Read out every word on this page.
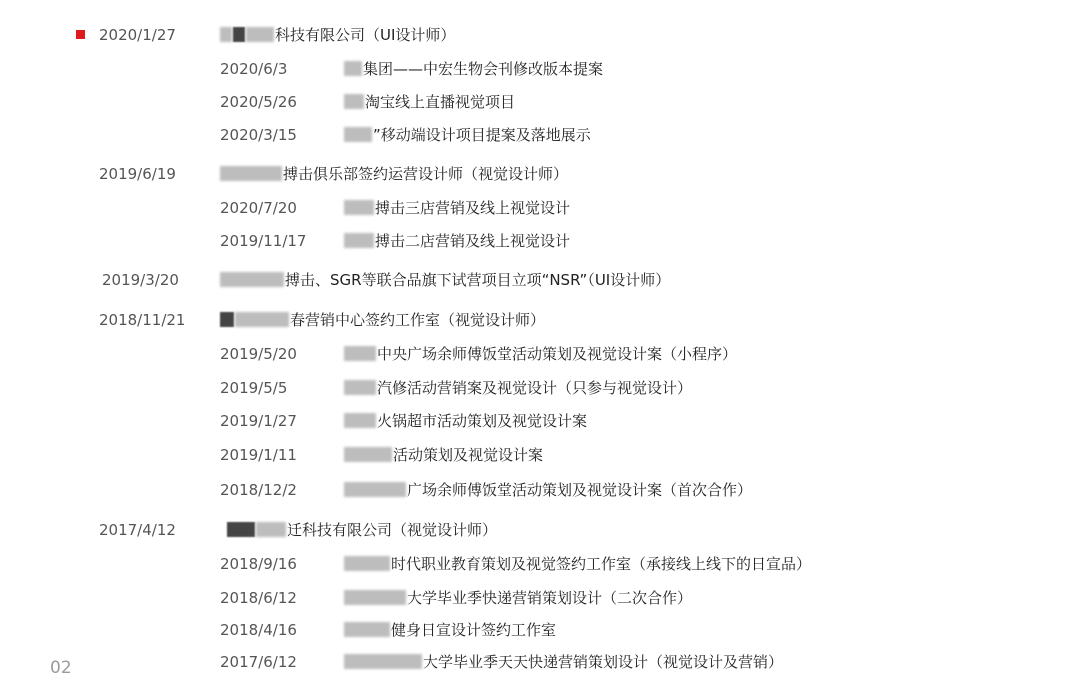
2020/1/27	科技有限公司（UI设计师）
2020/6/3	集团——中宏生物会刊修改版本提案
2020/5/26	淘宝线上直播视觉项目
2020/3/15	”移动端设计项目提案及落地展示
2019/6/19	搏击俱乐部签约运营设计师（视觉设计师）
2020/7/20	搏击三店营销及线上视觉设计
2019/11/17	搏击二店营销及线上视觉设计
2019/3/20	搏击、SGR等联合品旗下试营项目立项“NSR”（UI设计师）
2018/11/21	春营销中心签约工作室（视觉设计师）
2019/5/20	中央广场余师傅饭堂活动策划及视觉设计案（小程序）
2019/5/5	汽修活动营销案及视觉设计（只参与视觉设计）
2019/1/27	火锅超市活动策划及视觉设计案
2019/1/11	活动策划及视觉设计案
2018/12/2	广场余师傅饭堂活动策划及视觉设计案（首次合作）
2017/4/12	迁科技有限公司（视觉设计师）
2018/9/16	时代职业教育策划及视觉签约工作室（承接线上线下的日宣品）
2018/6/12	大学毕业季快递营销策划设计（二次合作）
2018/4/16	健身日宣设计签约工作室
2017/6/12	大学毕业季天天快递营销策划设计（视觉设计及营销）
02
